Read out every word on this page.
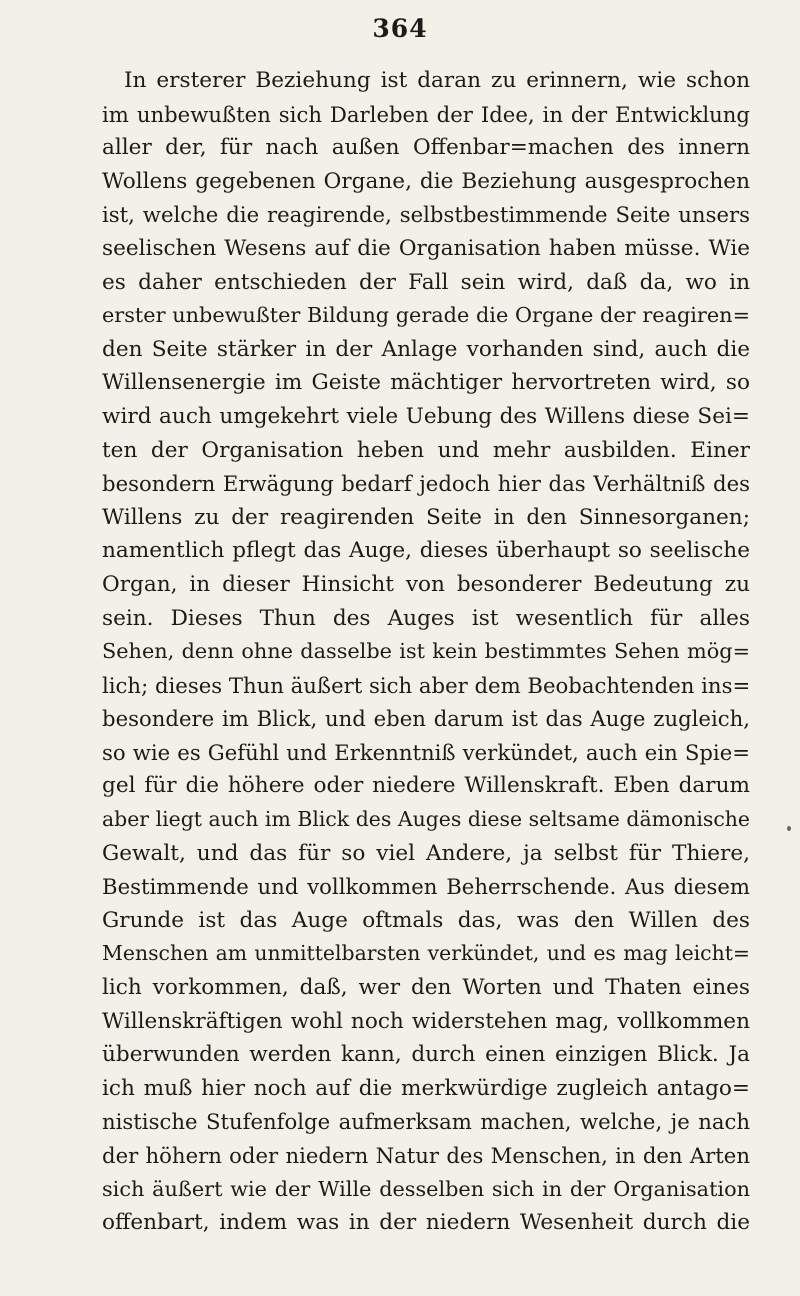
364
In ersterer Beziehung ist daran zu erinnern, wie schon
im unbewußten sich Darleben der Idee, in der Entwicklung
aller der, für nach außen Offenbar=machen des innern
Wollens gegebenen Organe, die Beziehung ausgesprochen
ist, welche die reagirende, selbstbestimmende Seite unsers
seelischen Wesens auf die Organisation haben müsse. Wie
es daher entschieden der Fall sein wird, daß da, wo in
erster unbewußter Bildung gerade die Organe der reagiren=
den Seite stärker in der Anlage vorhanden sind, auch die
Willensenergie im Geiste mächtiger hervortreten wird, so
wird auch umgekehrt viele Uebung des Willens diese Sei=
ten der Organisation heben und mehr ausbilden. Einer
besondern Erwägung bedarf jedoch hier das Verhältniß des
Willens zu der reagirenden Seite in den Sinnesorganen;
namentlich pflegt das Auge, dieses überhaupt so seelische
Organ, in dieser Hinsicht von besonderer Bedeutung zu
sein. Dieses Thun des Auges ist wesentlich für alles
Sehen, denn ohne dasselbe ist kein bestimmtes Sehen mög=
lich; dieses Thun äußert sich aber dem Beobachtenden ins=
besondere im Blick, und eben darum ist das Auge zugleich,
so wie es Gefühl und Erkenntniß verkündet, auch ein Spie=
gel für die höhere oder niedere Willenskraft. Eben darum
aber liegt auch im Blick des Auges diese seltsame dämonische
Gewalt, und das für so viel Andere, ja selbst für Thiere,
Bestimmende und vollkommen Beherrschende. Aus diesem
Grunde ist das Auge oftmals das, was den Willen des
Menschen am unmittelbarsten verkündet, und es mag leicht=
lich vorkommen, daß, wer den Worten und Thaten eines
Willenskräftigen wohl noch widerstehen mag, vollkommen
überwunden werden kann, durch einen einzigen Blick. Ja
ich muß hier noch auf die merkwürdige zugleich antago=
nistische Stufenfolge aufmerksam machen, welche, je nach
der höhern oder niedern Natur des Menschen, in den Arten
sich äußert wie der Wille desselben sich in der Organisation
offenbart, indem was in der niedern Wesenheit durch die
